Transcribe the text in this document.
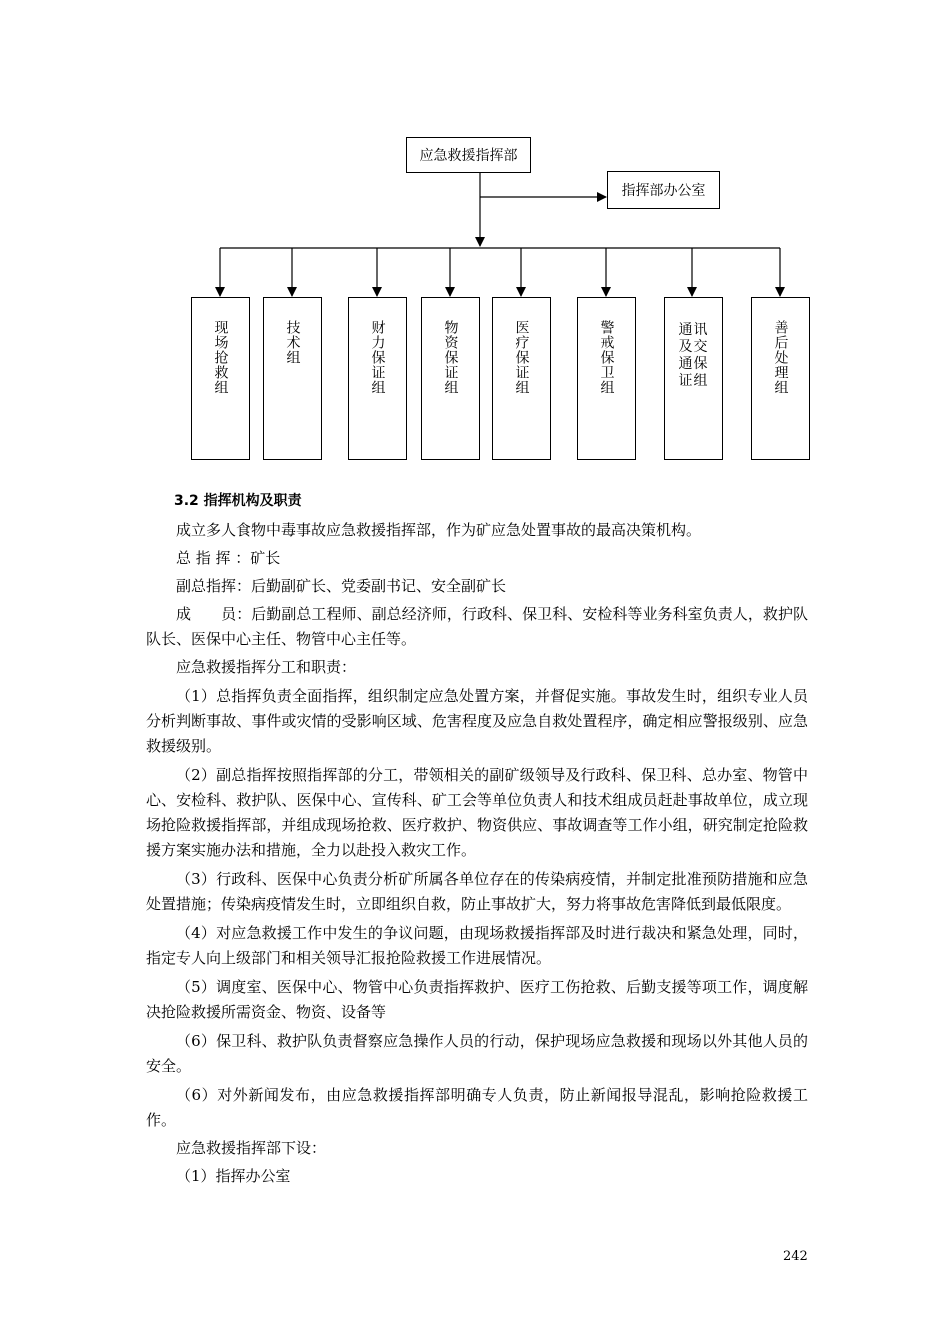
应急救援指挥部
指挥部办公室
现场抢救组	技术组	财力保证组	物资保证组	医疗保证组	警戒保卫组	通讯及交通保证组	善后处理组

3.2 指挥机构及职责

成立多人食物中毒事故应急救援指挥部，作为矿应急处置事故的最高决策机构。

总 指 挥 ：矿长

副总指挥：后勤副矿长、党委副书记、安全副矿长

成　　员：后勤副总工程师、副总经济师，行政科、保卫科、安检科等业务科室负责人，救护队队长、医保中心主任、物管中心主任等。

应急救援指挥分工和职责：

（1）总指挥负责全面指挥，组织制定应急处置方案，并督促实施。事故发生时，组织专业人员分析判断事故、事件或灾情的受影响区域、危害程度及应急自救处置程序，确定相应警报级别、应急救援级别。

（2）副总指挥按照指挥部的分工，带领相关的副矿级领导及行政科、保卫科、总办室、物管中心、安检科、救护队、医保中心、宣传科、矿工会等单位负责人和技术组成员赶赴事故单位，成立现场抢险救援指挥部，并组成现场抢救、医疗救护、物资供应、事故调查等工作小组，研究制定抢险救援方案实施办法和措施，全力以赴投入救灾工作。

（3）行政科、医保中心负责分析矿所属各单位存在的传染病疫情，并制定批准预防措施和应急处置措施；传染病疫情发生时，立即组织自救，防止事故扩大，努力将事故危害降低到最低限度。

（4）对应急救援工作中发生的争议问题，由现场救援指挥部及时进行裁决和紧急处理，同时，指定专人向上级部门和相关领导汇报抢险救援工作进展情况。

（5）调度室、医保中心、物管中心负责指挥救护、医疗工伤抢救、后勤支援等项工作，调度解决抢险救援所需资金、物资、设备等

（6）保卫科、救护队负责督察应急操作人员的行动，保护现场应急救援和现场以外其他人员的安全。

（6）对外新闻发布，由应急救援指挥部明确专人负责，防止新闻报导混乱，影响抢险救援工作。

应急救援指挥部下设：

（1）指挥办公室

242
